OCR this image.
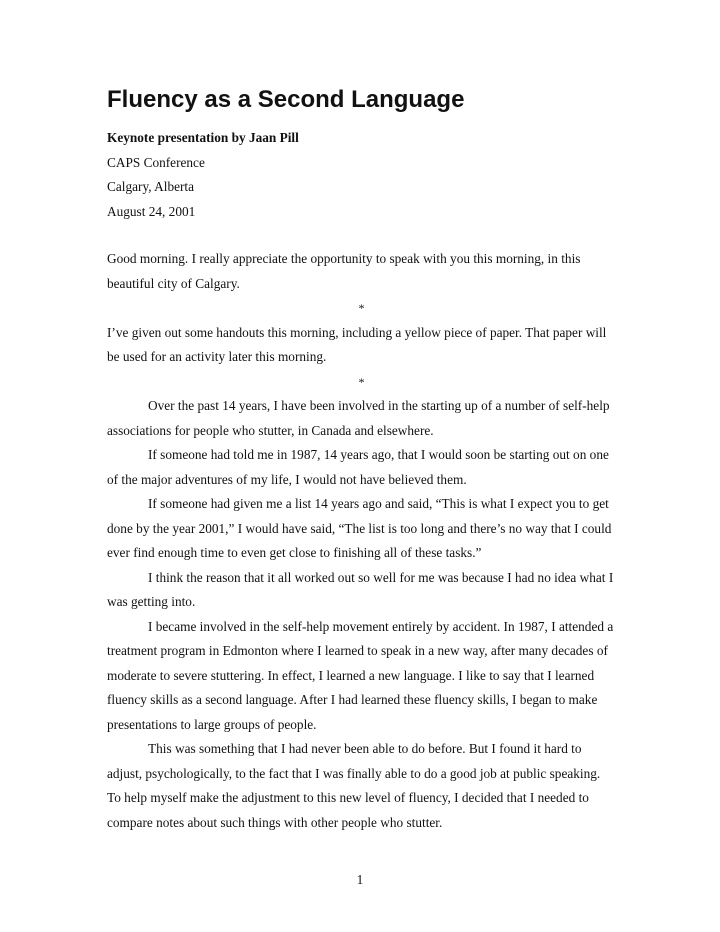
Fluency as a Second Language
Keynote presentation by Jaan Pill
CAPS Conference
Calgary, Alberta
August 24, 2001

Good morning. I really appreciate the opportunity to speak with you this morning, in this beautiful city of Calgary.

*

I’ve given out some handouts this morning, including a yellow piece of paper. That paper will be used for an activity later this morning.

*

Over the past 14 years, I have been involved in the starting up of a number of self-help associations for people who stutter, in Canada and elsewhere.

If someone had told me in 1987, 14 years ago, that I would soon be starting out on one of the major adventures of my life, I would not have believed them.

If someone had given me a list 14 years ago and said, “This is what I expect you to get done by the year 2001,” I would have said, “The list is too long and there’s no way that I could ever find enough time to even get close to finishing all of these tasks.”

I think the reason that it all worked out so well for me was because I had no idea what I was getting into.

I became involved in the self-help movement entirely by accident. In 1987, I attended a treatment program in Edmonton where I learned to speak in a new way, after many decades of moderate to severe stuttering. In effect, I learned a new language. I like to say that I learned fluency skills as a second language. After I had learned these fluency skills, I began to make presentations to large groups of people.

This was something that I had never been able to do before. But I found it hard to adjust, psychologically, to the fact that I was finally able to do a good job at public speaking. To help myself make the adjustment to this new level of fluency, I decided that I needed to compare notes about such things with other people who stutter.

1
